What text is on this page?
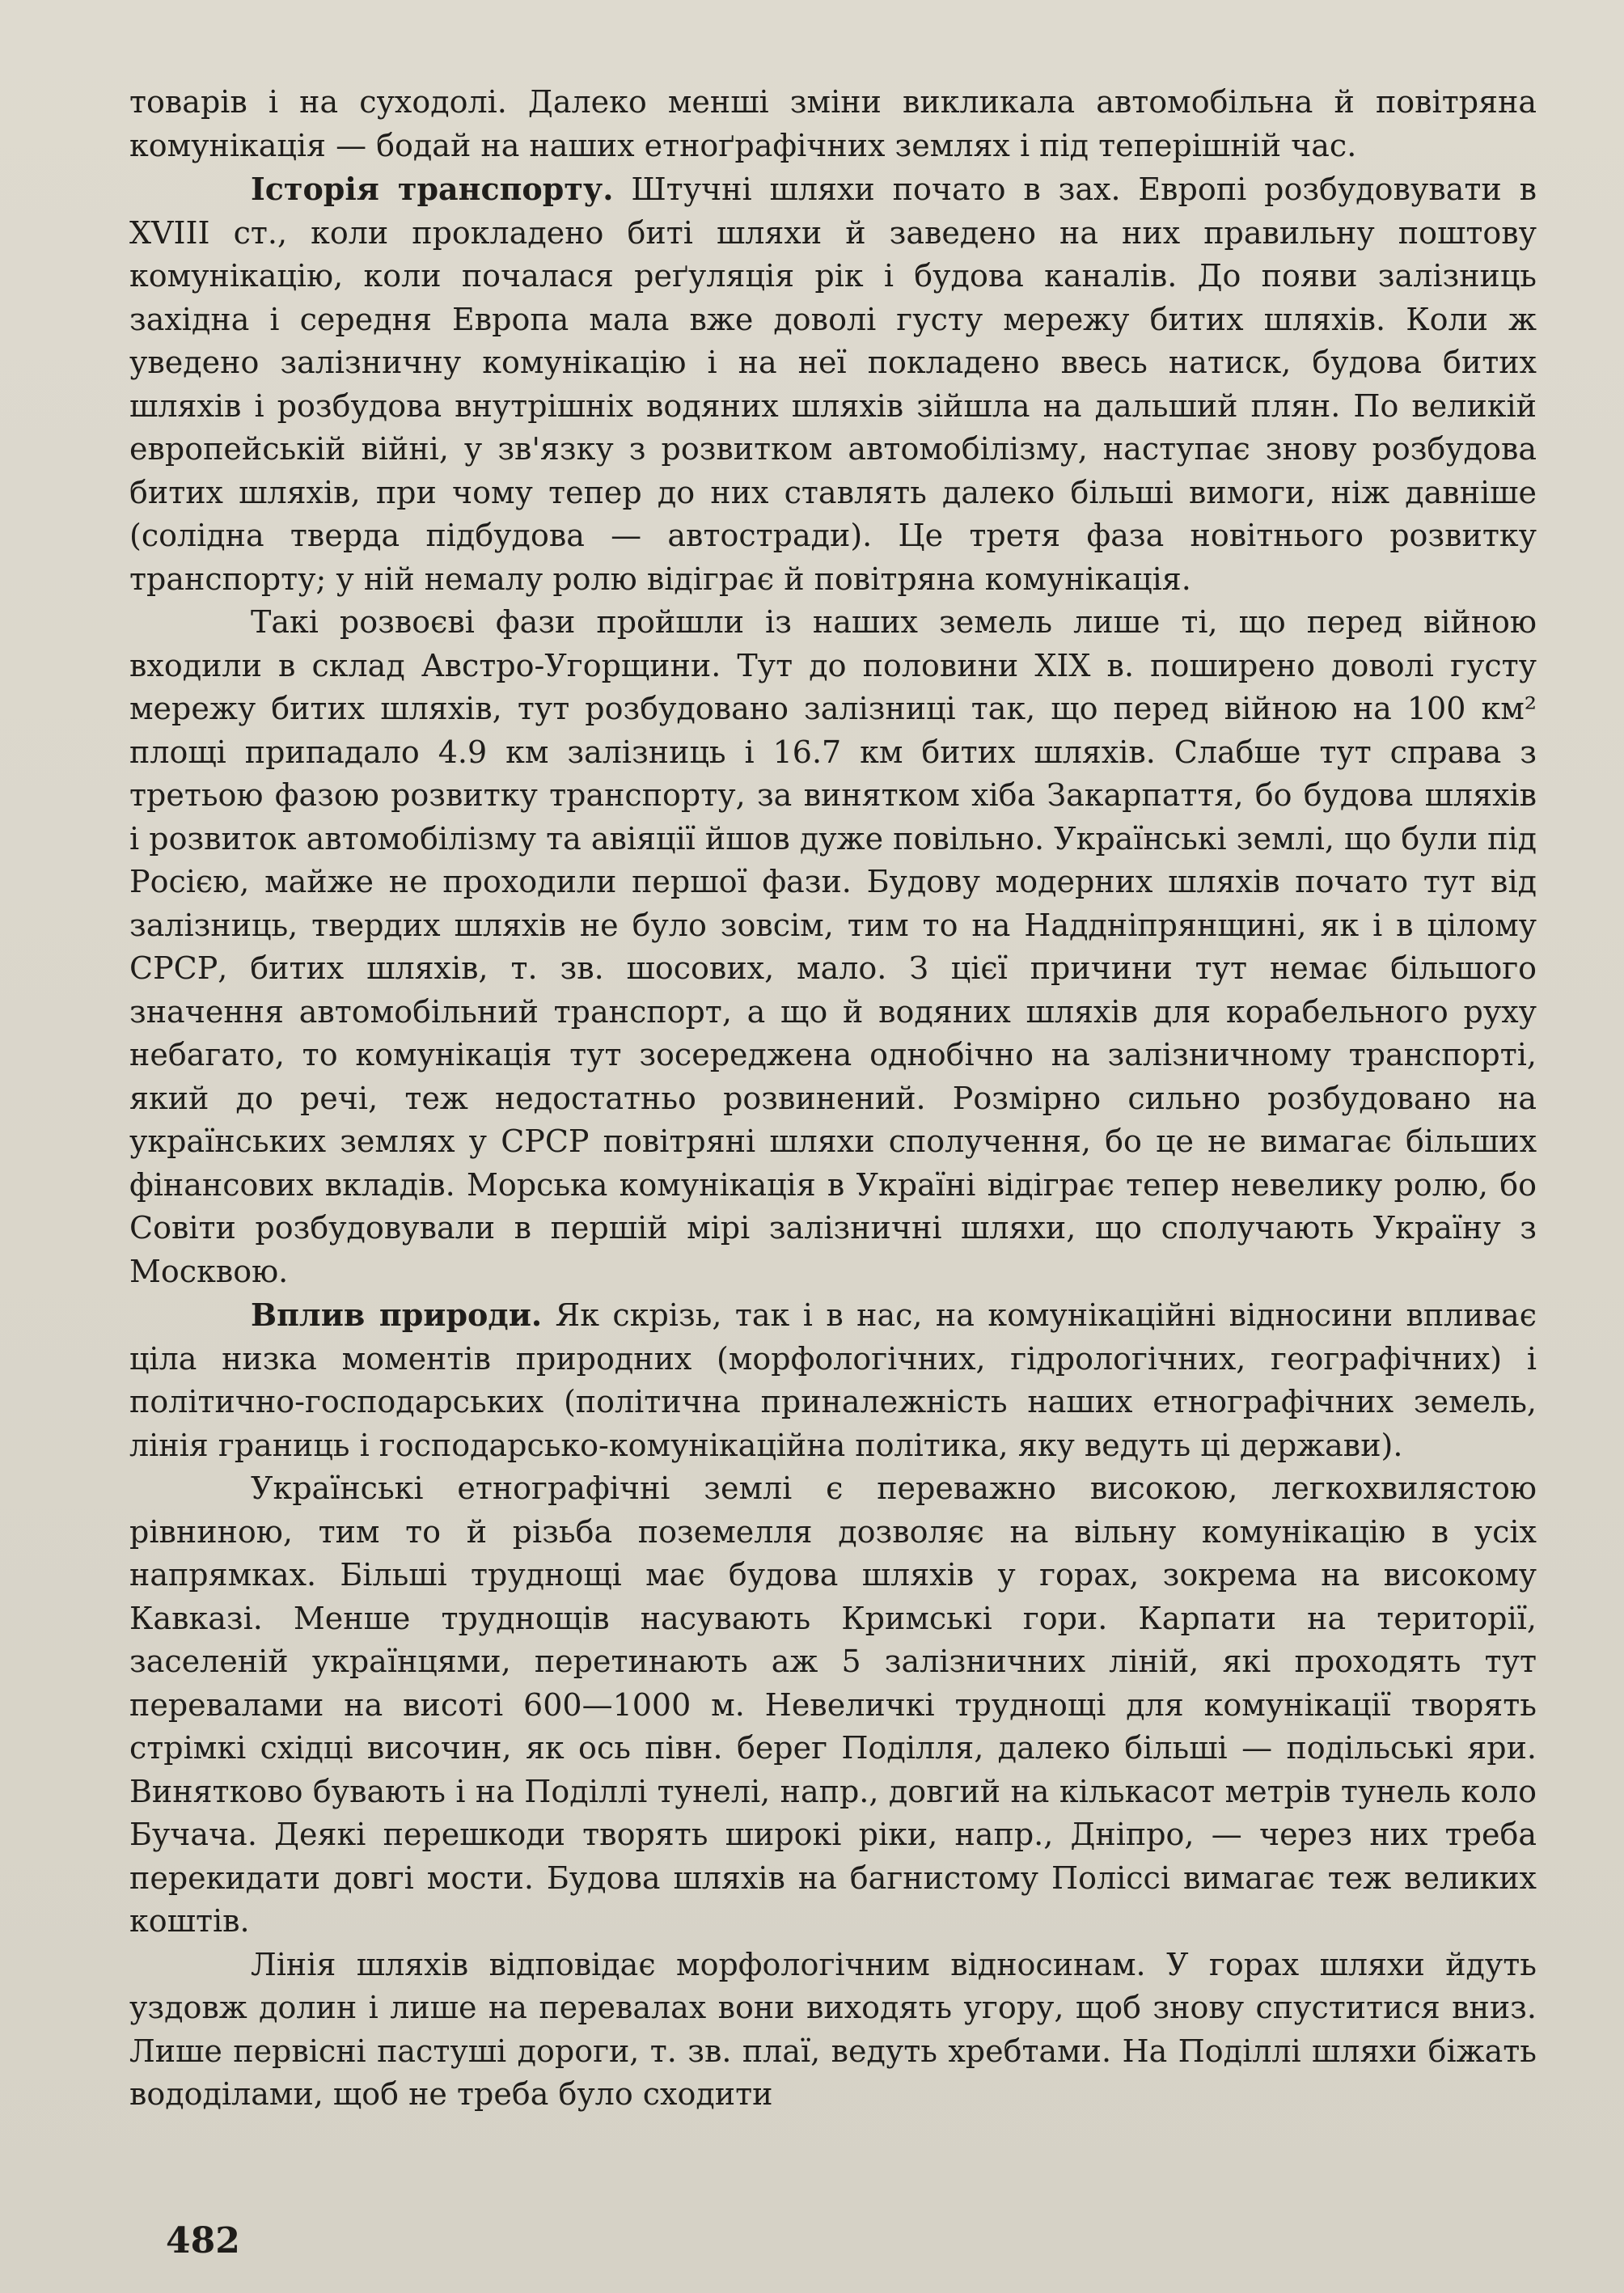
товарів і на суходолі. Далеко менші зміни викликала автомобільна й повітряна комунікація — бодай на наших етноґрафічних землях і під теперішній час.

Історія транспорту. Штучні шляхи почато в зах. Европі розбудовувати в XVIII ст., коли прокладено биті шляхи й заведено на них правильну поштову комунікацію, коли почалася реґуляція рік і будова каналів. До появи залізниць західна і середня Европа мала вже доволі густу мережу битих шляхів. Коли ж уведено залізничну комунікацію і на неї покладено ввесь натиск, будова битих шляхів і розбудова внутрішніх водяних шляхів зійшла на дальший плян. По великій европейській війні, у зв'язку з розвитком автомобілізму, наступає знову розбудова битих шляхів, при чому тепер до них ставлять далеко більші вимоги, ніж давніше (солідна тверда підбудова — автостради). Це третя фаза новітнього розвитку транспорту; у ній немалу ролю відіграє й повітряна комунікація.

Такі розвоєві фази пройшли із наших земель лише ті, що перед війною входили в склад Австро-Угорщини. Тут до половини XIX в. поширено доволі густу мережу битих шляхів, тут розбудовано залізниці так, що перед війною на 100 км² площі припадало 4.9 км залізниць і 16.7 км битих шляхів. Слабше тут справа з третьою фазою розвитку транспорту, за винятком хіба Закарпаття, бо будова шляхів і розвиток автомобілізму та авіяції йшов дуже повільно. Українські землі, що були під Росією, майже не проходили першої фази. Будову модерних шляхів почато тут від залізниць, твердих шляхів не було зовсім, тим то на Наддніпрянщині, як і в цілому СРСР, битих шляхів, т. зв. шосових, мало. З цієї причини тут немає більшого значення автомобільний транспорт, а що й водяних шляхів для корабельного руху небагато, то комунікація тут зосереджена однобічно на залізничному транспорті, який до речі, теж недостатньо розвинений. Розмірно сильно розбудовано на українських землях у СРСР повітряні шляхи сполучення, бо це не вимагає більших фінансових вкладів. Морська комунікація в Україні відіграє тепер невелику ролю, бо Совіти розбудовували в першій мірі залізничні шляхи, що сполучають Україну з Москвою.

Вплив природи. Як скрізь, так і в нас, на комунікаційні відносини впливає ціла низка моментів природних (морфологічних, гідрологічних, географічних) і політично-господарських (політична приналежність наших етнографічних земель, лінія границь і господарсько-комунікаційна політика, яку ведуть ці держави).

Українські етнографічні землі є переважно високою, легкохвилястою рівниною, тим то й різьба поземелля дозволяє на вільну комунікацію в усіх напрямках. Більші труднощі має будова шляхів у горах, зокрема на високому Кавказі. Менше труднощів насувають Кримські гори. Карпати на території, заселеній українцями, перетинають аж 5 залізничних ліній, які проходять тут перевалами на висоті 600—1000 м. Невеличкі труднощі для комунікації творять стрімкі східці височин, як ось півн. берег Поділля, далеко більші — подільські яри. Винятково бувають і на Поділлі тунелі, напр., довгий на кількасот метрів тунель коло Бучача. Деякі перешкоди творять широкі ріки, напр., Дніпро, — через них треба перекидати довгі мости. Будова шляхів на багнистому Поліссі вимагає теж великих коштів.

Лінія шляхів відповідає морфологічним відносинам. У горах шляхи йдуть уздовж долин і лише на перевалах вони виходять угору, щоб знову спуститися вниз. Лише первісні пастуші дороги, т. зв. плаї, ведуть хребтами. На Поділлі шляхи біжать вододілами, щоб не треба було сходити

482
